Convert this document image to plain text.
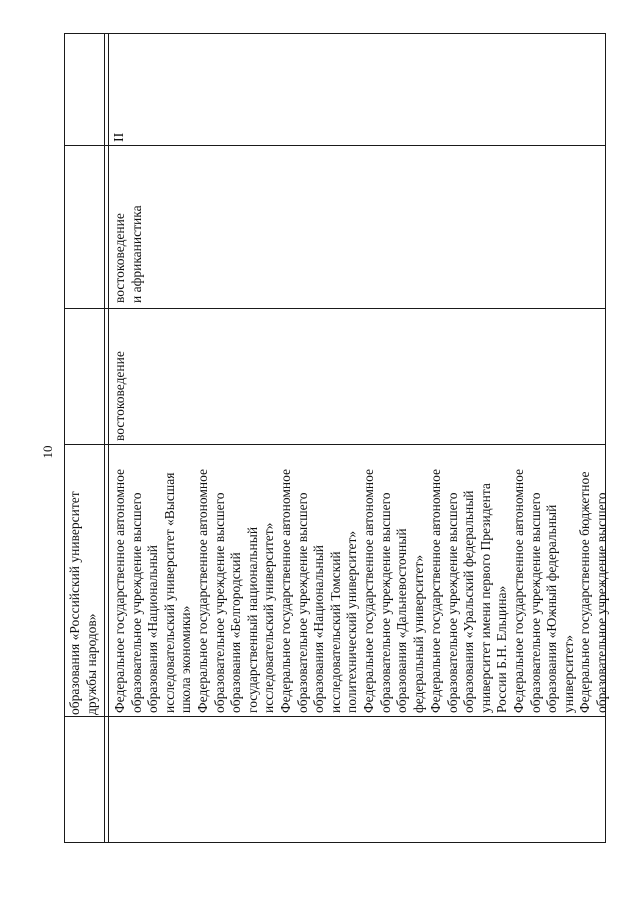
10
образования «Российский университет
дружбы народов» Федеральное государственное автономное
образовательное учреждение высшего
образования «Национальный
исследовательский университет «Высшая
школа экономики» Федеральное государственное автономное
образовательное учреждение высшего
образования «Белгородский
государственный национальный
исследовательский университет»
Федеральное государственное автономное
образовательное учреждение высшего
образования «Национальный
исследовательский Томский
политехнический университет»
Федеральное государственное автономное
образовательное учреждение высшего
образования «Дальневосточный
федеральный университет»
Федеральное государственное автономное
образовательное учреждение высшего
образования «Уральский федеральный
университет имени первого Президента
России Б.Н. Ельцина»
Федеральное государственное автономное
образовательное учреждение высшего
образования «Южный федеральный
университет» Федеральное государственное бюджетное
образовательное учреждение высшего
востоковедение
востоковедение
и африканистика
II
